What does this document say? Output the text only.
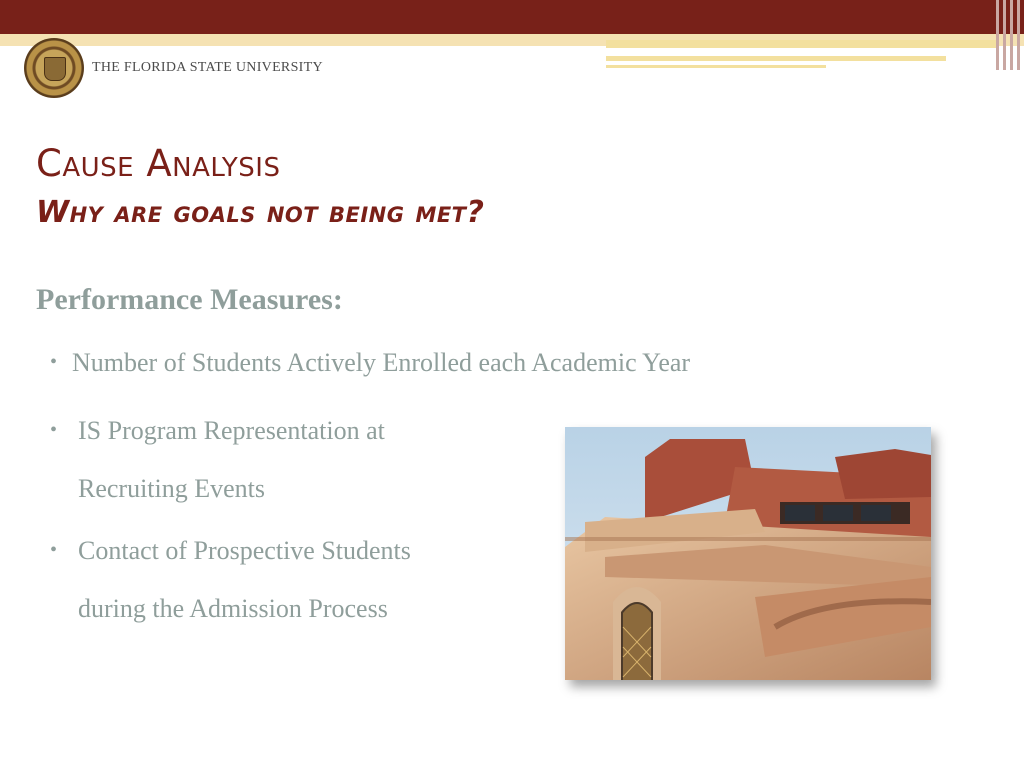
THE FLORIDA STATE UNIVERSITY
Cause Analysis
Why are goals not being met?
Performance Measures:
• Number of Students Actively Enrolled each Academic Year
• IS Program Representation at
Recruiting Events
• Contact of Prospective Students
during the Admission Process
